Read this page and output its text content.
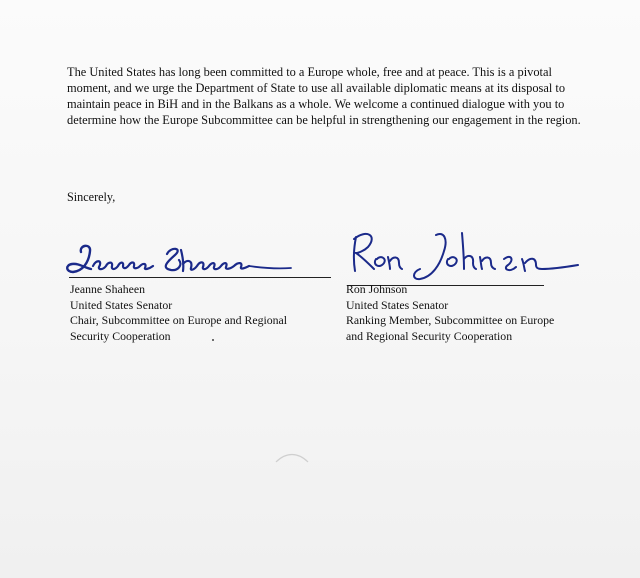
The United States has long been committed to a Europe whole, free and at peace. This is a pivotal moment, and we urge the Department of State to use all available diplomatic means at its disposal to maintain peace in BiH and in the Balkans as a whole. We welcome a continued dialogue with you to determine how the Europe Subcommittee can be helpful in strengthening our engagement in the region.

Sincerely,

Jeanne Shaheen
United States Senator
Chair, Subcommittee on Europe and Regional
Security Cooperation
Ron Johnson
United States Senator
Ranking Member, Subcommittee on Europe
and Regional Security Cooperation
